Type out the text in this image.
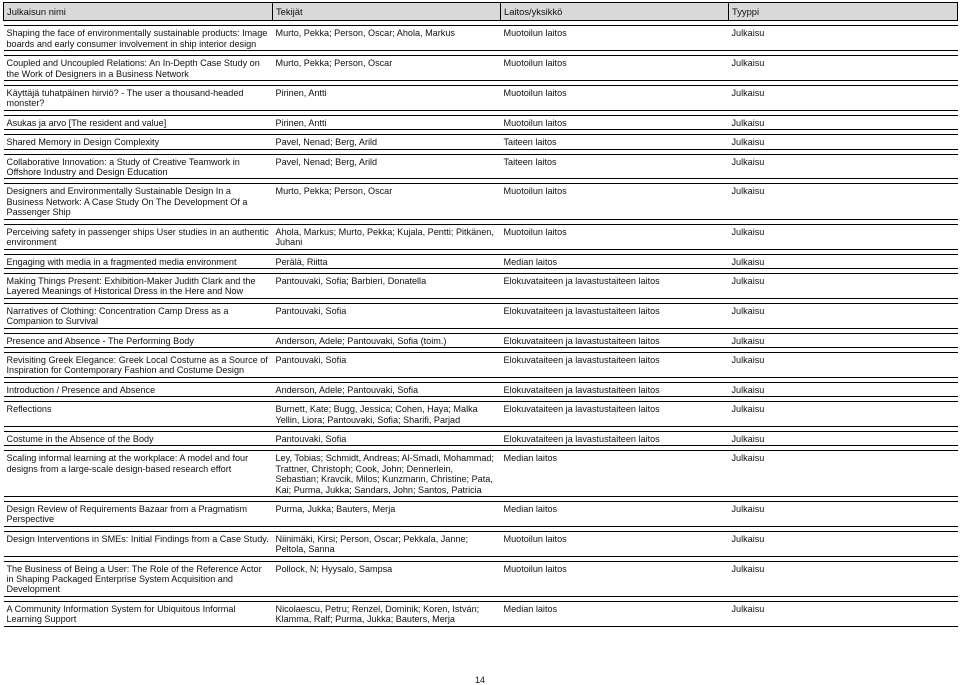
Julkaisun nimi	Tekijät	Laitos/yksikkö	Tyyppi

Shaping the face of environmentally sustainable products: Image boards and early consumer involvement in ship interior design	Murto, Pekka; Person, Oscar; Ahola, Markus	Muotoilun laitos	Julkaisu

Coupled and Uncoupled Relations: An In-Depth Case Study on the Work of Designers in a Business Network	Murto, Pekka; Person, Oscar	Muotoilun laitos	Julkaisu

Käyttäjä tuhatpäinen hirviö? - The user a thousand-headed monster?	Pirinen, Antti	Muotoilun laitos	Julkaisu

Asukas ja arvo [The resident and value]	Pirinen, Antti	Muotoilun laitos	Julkaisu

Shared Memory in Design Complexity	Pavel, Nenad; Berg, Arild	Taiteen laitos	Julkaisu

Collaborative Innovation: a Study of Creative Teamwork in Offshore Industry and Design Education	Pavel, Nenad; Berg, Arild	Taiteen laitos	Julkaisu

Designers and Environmentally Sustainable Design In a Business Network: A Case Study On The Development Of a Passenger Ship	Murto, Pekka; Person, Oscar	Muotoilun laitos	Julkaisu

Perceiving safety in passenger ships User studies in an authentic environment	Ahola, Markus; Murto, Pekka; Kujala, Pentti; Pitkänen, Juhani	Muotoilun laitos	Julkaisu

Engaging with media in a fragmented media environment	Perälä, Riitta	Median laitos	Julkaisu

Making Things Present: Exhibition-Maker Judith Clark and the Layered Meanings of Historical Dress in the Here and Now	Pantouvaki, Sofia; Barbieri, Donatella	Elokuvataiteen ja lavastustaiteen laitos	Julkaisu

Narratives of Clothing: Concentration Camp Dress as a Companion to Survival	Pantouvaki, Sofia	Elokuvataiteen ja lavastustaiteen laitos	Julkaisu

Presence and Absence - The Performing Body	Anderson, Adele; Pantouvaki, Sofia (toim.)	Elokuvataiteen ja lavastustaiteen laitos	Julkaisu

Revisiting Greek Elegance: Greek Local Costume as a Source of Inspiration for Contemporary Fashion and Costume Design	Pantouvaki, Sofia	Elokuvataiteen ja lavastustaiteen laitos	Julkaisu

Introduction / Presence and Absence	Anderson, Adele; Pantouvaki, Sofia	Elokuvataiteen ja lavastustaiteen laitos	Julkaisu

Reflections	Burnett, Kate; Bugg, Jessica; Cohen, Haya; Malka Yellin, Liora; Pantouvaki, Sofia; Sharifi, Parjad	Elokuvataiteen ja lavastustaiteen laitos	Julkaisu

Costume in the Absence of the Body	Pantouvaki, Sofia	Elokuvataiteen ja lavastustaiteen laitos	Julkaisu

Scaling informal learning at the workplace: A model and four designs from a large-scale design-based research effort	Ley, Tobias; Schmidt, Andreas; Al-Smadi, Mohammad; Trattner, Christoph; Cook, John; Dennerlein, Sebastian; Kravcik, Milos; Kunzmann, Christine; Pata, Kai; Purma, Jukka; Sandars, John; Santos, Patricia	Median laitos	Julkaisu

Design Review of Requirements Bazaar from a Pragmatism Perspective	Purma, Jukka; Bauters, Merja	Median laitos	Julkaisu

Design Interventions in SMEs: Initial Findings from a Case Study.	Niinimäki, Kirsi; Person, Oscar; Pekkala, Janne; Peltola, Sanna	Muotoilun laitos	Julkaisu

The Business of Being a User: The Role of the Reference Actor in Shaping Packaged Enterprise System Acquisition and Development	Pollock, N; Hyysalo, Sampsa	Muotoilun laitos	Julkaisu

A Community Information System for Ubiquitous Informal Learning Support	Nicolaescu, Petru; Renzel, Dominik; Koren, István; Klamma, Ralf; Purma, Jukka; Bauters, Merja	Median laitos	Julkaisu
14
